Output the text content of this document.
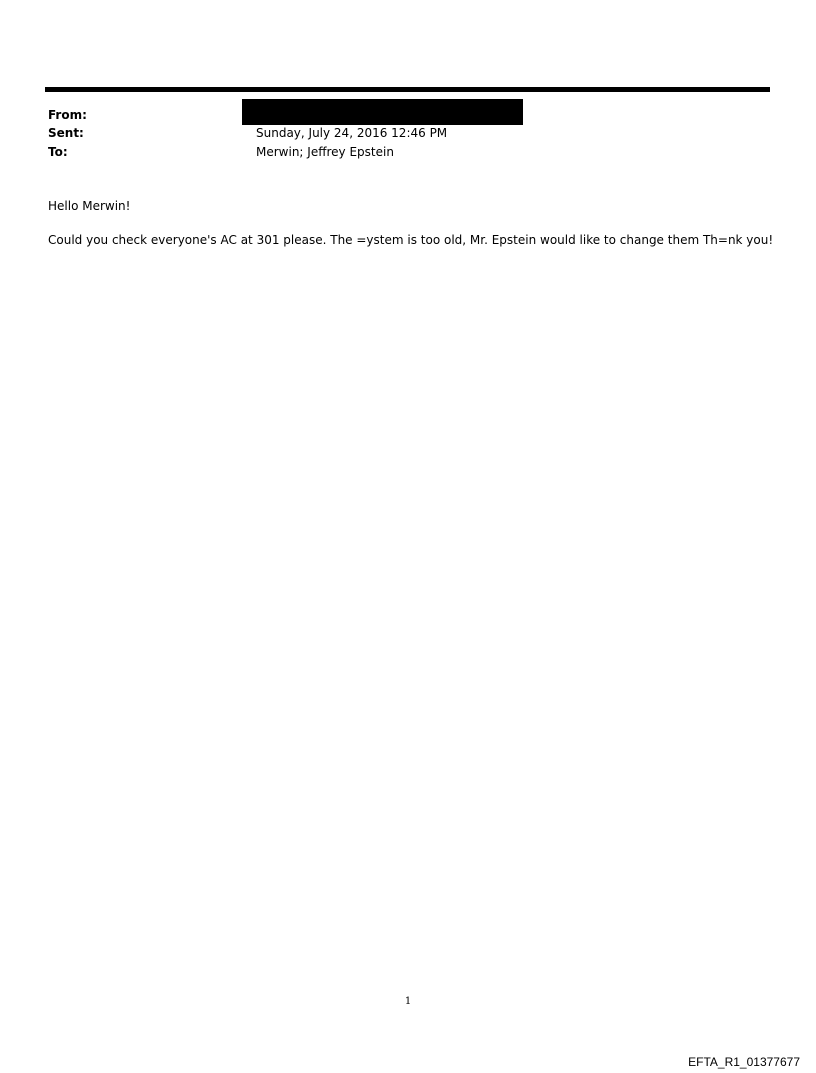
From:
Sent:	Sunday, July 24, 2016 12:46 PM
To:	Merwin; Jeffrey Epstein
Hello Merwin!
Could you check everyone's AC at 301 please. The =ystem is too old, Mr. Epstein would like to change them Th=nk you!
1
EFTA_R1_01377677
